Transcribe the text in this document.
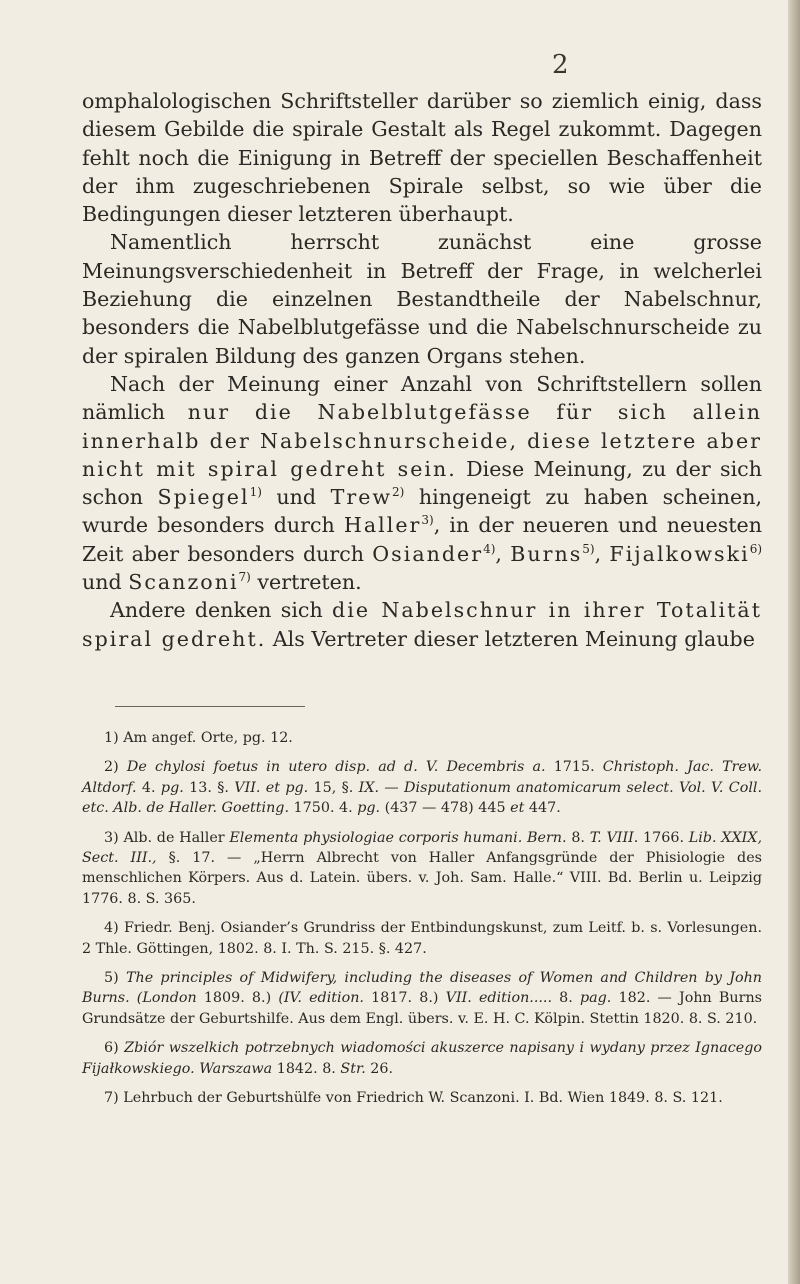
2

omphalologischen Schriftsteller darüber so ziemlich einig, dass diesem Gebilde die spirale Gestalt als Regel zukommt. Dagegen fehlt noch die Einigung in Betreff der speciellen Beschaffenheit der ihm zugeschriebenen Spirale selbst, so wie über die Bedingungen dieser letzteren überhaupt.

Namentlich herrscht zunächst eine grosse Meinungsverschiedenheit in Betreff der Frage, in welcherlei Beziehung die einzelnen Bestandtheile der Nabelschnur, besonders die Nabelblutgefässe und die Nabelschnurscheide zu der spiralen Bildung des ganzen Organs stehen.

Nach der Meinung einer Anzahl von Schriftstellern sollen nämlich nur die Nabelblutgefässe für sich allein innerhalb der Nabelschnurscheide, diese letztere aber nicht mit spiral gedreht sein. Diese Meinung, zu der sich schon Spiegel$^{1)}$ und Trew$^{2)}$ hingeneigt zu haben scheinen, wurde besonders durch Haller$^{3)}$, in der neueren und neuesten Zeit aber besonders durch Osiander$^{4)}$, Burns$^{5)}$, Fijalkowski$^{6)}$ und Scanzoni$^{7)}$ vertreten.

Andere denken sich die Nabelschnur in ihrer Totalität spiral gedreht. Als Vertreter dieser letzteren Meinung glaube

1) Am angef. Orte, pg. 12.

2) De chylosi foetus in utero disp. ad d. V. Decembris a. 1715. Christoph. Jac. Trew. Altdorf. 4. pg. 13. §. VII. et pg. 15, §. IX. — Disputationum anatomicarum select. Vol. V. Coll. etc. Alb. de Haller. Goetting. 1750. 4. pg. (437 — 478) 445 et 447.

3) Alb. de Haller Elementa physiologiae corporis humani. Bern. 8. T. VIII. 1766. Lib. XXIX, Sect. III., §. 17. — „Herrn Albrecht von Haller Anfangsgründe der Phisiologie des menschlichen Körpers. Aus d. Latein. übers. v. Joh. Sam. Halle.“ VIII. Bd. Berlin u. Leipzig 1776. 8. S. 365.

4) Friedr. Benj. Osiander’s Grundriss der Entbindungskunst, zum Leitf. b. s. Vorlesungen. 2 Thle. Göttingen, 1802. 8. I. Th. S. 215. §. 427.

5) The principles of Midwifery, including the diseases of Women and Children by John Burns. (London 1809. 8.) (IV. edition. 1817. 8.) VII. edition..... 8. pag. 182. — John Burns Grundsätze der Geburtshilfe. Aus dem Engl. übers. v. E. H. C. Kölpin. Stettin 1820. 8. S. 210.

6) Zbiór wszelkich potrzebnych wiadomości akuszerce napisany i wydany przez Ignacego Fijałkowskiego. Warszawa 1842. 8. Str. 26.

7) Lehrbuch der Geburtshülfe von Friedrich W. Scanzoni. I. Bd. Wien 1849. 8. S. 121.
